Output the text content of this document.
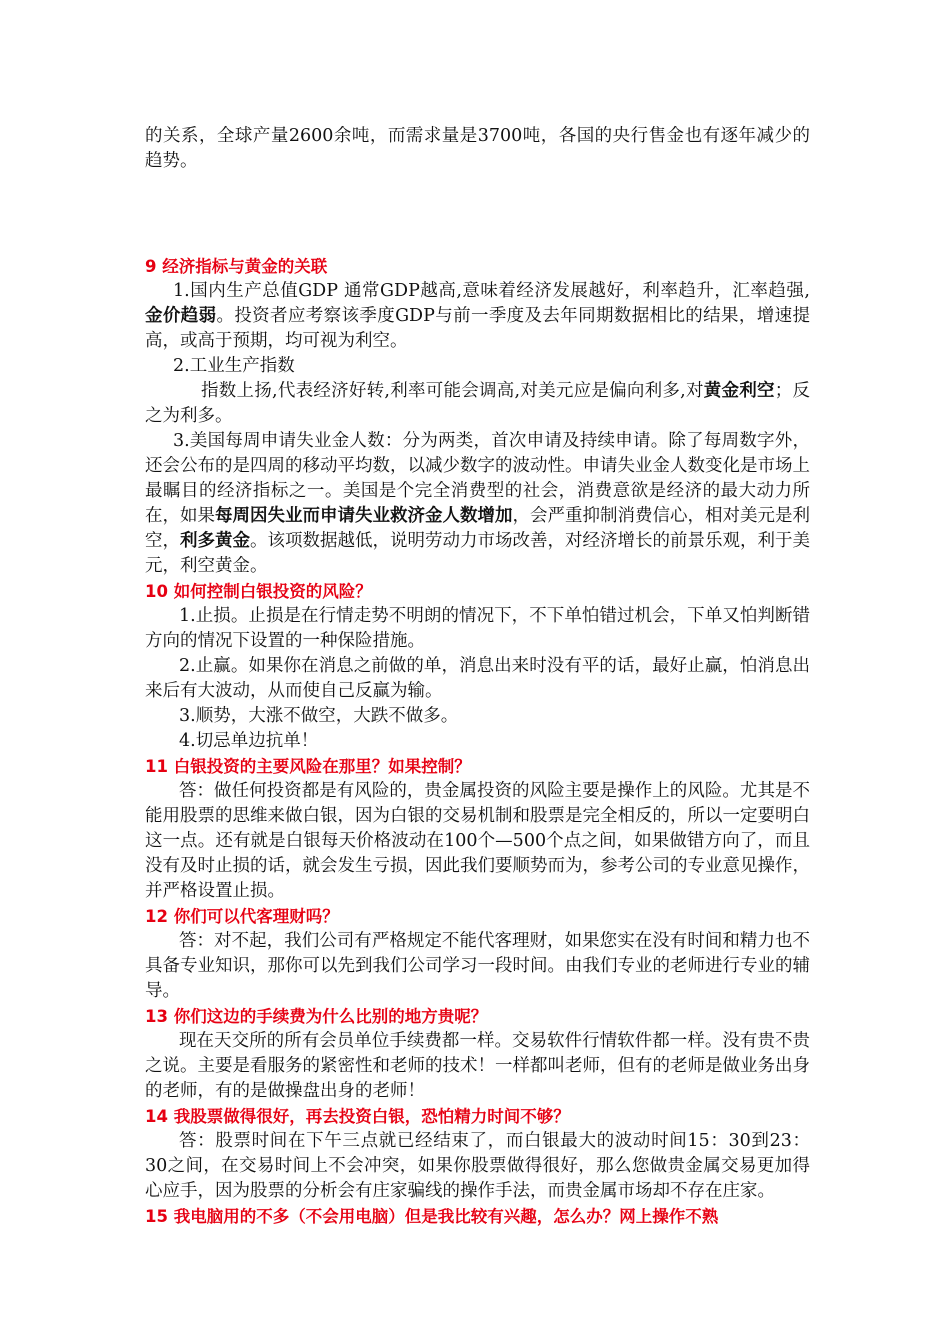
的关系，全球产量2600余吨，而需求量是3700吨，各国的央行售金也有逐年减少的趋势。

9 经济指标与黄金的关联

1.国内生产总值GDP 通常GDP越高,意味着经济发展越好，利率趋升，汇率趋强,金价趋弱。投资者应考察该季度GDP与前一季度及去年同期数据相比的结果，增速提高，或高于预期，均可视为利空。

2.工业生产指数

指数上扬,代表经济好转,利率可能会调高,对美元应是偏向利多,对黄金利空；反之为利多。

3.美国每周申请失业金人数：分为两类，首次申请及持续申请。除了每周数字外，还会公布的是四周的移动平均数，以减少数字的波动性。申请失业金人数变化是市场上最瞩目的经济指标之一。美国是个完全消费型的社会，消费意欲是经济的最大动力所在，如果每周因失业而申请失业救济金人数增加，会严重抑制消费信心，相对美元是利空，利多黄金。该项数据越低，说明劳动力市场改善，对经济增长的前景乐观，利于美元，利空黄金。

10 如何控制白银投资的风险？

1.止损。止损是在行情走势不明朗的情况下，不下单怕错过机会，下单又怕判断错方向的情况下设置的一种保险措施。

2.止赢。如果你在消息之前做的单，消息出来时没有平的话，最好止赢，怕消息出来后有大波动，从而使自己反赢为输。

3.顺势，大涨不做空，大跌不做多。

4.切忌单边抗单！

11 白银投资的主要风险在那里？如果控制？

答：做任何投资都是有风险的，贵金属投资的风险主要是操作上的风险。尤其是不能用股票的思维来做白银，因为白银的交易机制和股票是完全相反的，所以一定要明白这一点。还有就是白银每天价格波动在100个—500个点之间，如果做错方向了，而且没有及时止损的话，就会发生亏损，因此我们要顺势而为，参考公司的专业意见操作，并严格设置止损。

12 你们可以代客理财吗？

答：对不起，我们公司有严格规定不能代客理财，如果您实在没有时间和精力也不具备专业知识，那你可以先到我们公司学习一段时间。由我们专业的老师进行专业的辅导。

13 你们这边的手续费为什么比别的地方贵呢？

现在天交所的所有会员单位手续费都一样。交易软件行情软件都一样。没有贵不贵之说。主要是看服务的紧密性和老师的技术！一样都叫老师，但有的老师是做业务出身的老师，有的是做操盘出身的老师！

14 我股票做得很好，再去投资白银，恐怕精力时间不够？

答：股票时间在下午三点就已经结束了，而白银最大的波动时间15：30到23：30之间，在交易时间上不会冲突，如果你股票做得很好，那么您做贵金属交易更加得心应手，因为股票的分析会有庄家骗线的操作手法，而贵金属市场却不存在庄家。

15 我电脑用的不多（不会用电脑）但是我比较有兴趣，怎么办？网上操作不熟
